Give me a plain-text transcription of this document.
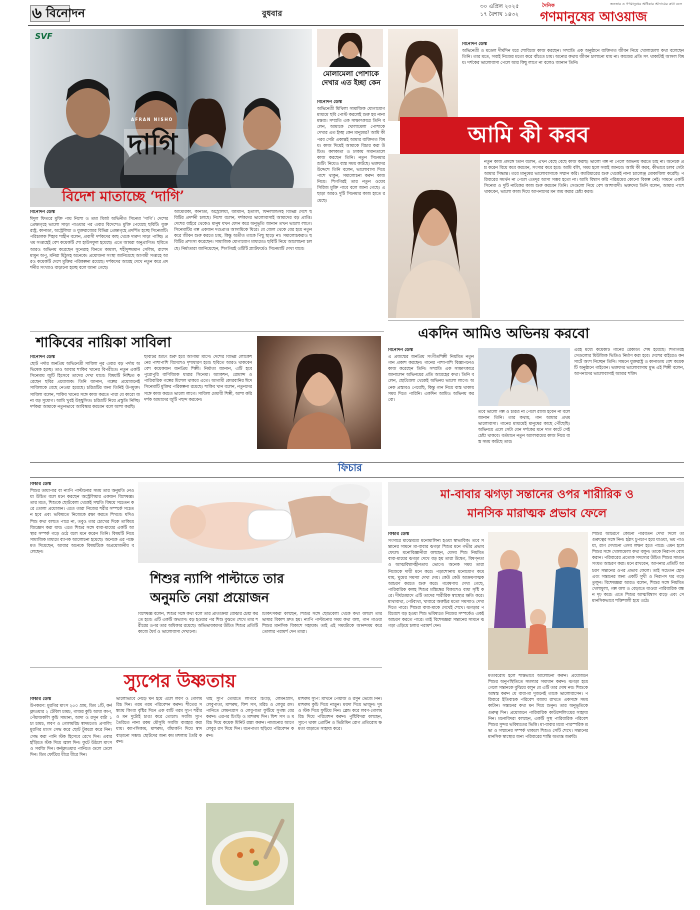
৬ বিনোদন	বুধবার
৩০ এপ্রিল ২০২৫
১৭ বৈশাখ ১৪৩২
দৈনিক
গণমানুষের আওয়াজ
জনতার ও গণমানুষের অধিকার আদায়ের কথা বলে
SVF
AFRAN NISHO
দাগি
বিদেশ মাতাচ্ছে ‘দাগি’
বিনোদন ডেস্ক
ঈদুল ফিতরে মুক্তি পায় নিশো ও তমা মির্জা অভিনীত সিনেমা ‘দাগি’। দেশের প্রেক্ষাগৃহে ভালো সাড়া পাওয়ার পর এবার বিদেশেও মুক্তি পেয়েছে ছবিটি। যুক্তরাষ্ট্র, কানাডা, অস্ট্রেলিয়া ও যুক্তরাজ্যের বিভিন্ন প্রেক্ষাগৃহে প্রদর্শিত হচ্ছে সিনেমাটি। পরিচালক শিহাব শাহীন বলেন, প্রবাসী দর্শকদের কাছ থেকে দারুণ সাড়া পাচ্ছি। প্রথম সপ্তাহেই বেশ কয়েকটি শো হাউসফুল হয়েছে। এতে আমরা অনুপ্রাণিত। ছবিতে আরও অভিনয় করেছেন সুনেরাহ বিনতে কামাল, শহীদুজ্জামান সেলিম, রাশেদ মামুন অপু, মনিরা মিঠুসহ অনেকে। প্রযোজনা সংস্থা জানিয়েছে আগামী সপ্তাহে আরও কয়েকটি দেশে মুক্তির পরিকল্পনা রয়েছে। দর্শকদের আগ্রহ দেখে নতুন করে প্রদর্শনীর সংখ্যাও বাড়ানো হচ্ছে বলে জানা গেছে।
আমেরিকা, কানাডা, অস্ট্রেলিয়া, জার্মানি, ইতালি, ফিনল্যান্ডসহ বিভিন্ন দেশে ছবিটির প্রদর্শনী চলছে। নিশো বলেন, দর্শকদের ভালোবাসাই আমাদের বড় প্রাপ্তি। দেশের বাইরে থেকেও মানুষ যখন ফোন করে অনুভূতি জানান তখন ভালো লাগে। সিনেমাটির গল্প একজন দণ্ডপ্রাপ্ত আসামিকে ঘিরে। যে জেল থেকে বের হয়ে নতুন করে জীবন শুরু করতে চায়, কিন্তু অতীত তাকে পিছু ছাড়ে না। সমালোচকরাও ছবিটির প্রশংসা করেছেন। সামাজিক যোগাযোগ মাধ্যমেও ছবিটি নিয়ে আলোচনা চলছে। নির্মাতারা জানিয়েছেন, শিগগিরই ওটিটি প্ল্যাটফর্মেও সিনেমাটি দেখা যাবে।
মোলামেলা পোশাকে দেখার এত ইচ্ছা কেন
বিনোদন ডেস্ক
অভিনেত্রী মিথিলা সামাজিক যোগাযোগ মাধ্যমে ছবি পোস্ট করলেই শুরু হয় নানা মন্তব্য। সম্প্রতি এক সাক্ষাৎকারে তিনি বলেন, আমাকে খোলামেলা পোশাকে দেখার এত ইচ্ছা কেন মানুষের? আমি কী পরব সেটা একান্তই আমার ব্যক্তিগত বিষয়। কাজ দিয়েই আমাকে বিচার করা উচিত। কলকাতা ও ঢাকায় সমানতালে কাজ করছেন তিনি। নতুন সিনেমার শুটিং নিয়েও ব্যস্ত সময় কাটছে। ভক্তদের উদ্দেশে তিনি বলেন, ভালোবাসা দিয়ে পাশে থাকুন, সমালোচনা করুন কাজ নিয়ে। শিগগিরই তার নতুন ওয়েব সিরিজ মুক্তি পাবে বলে জানা গেছে। এ ছাড়া আরও দুটি সিনেমার কাজ হাতে রয়েছে।
বিনোদন ডেস্ক
অভিনেত্রী ও মডেল দীর্ঘদিন ধরে শোবিজে কাজ করছেন। সম্প্রতি এক অনুষ্ঠানে ব্যক্তিগত জীবন নিয়ে খোলামেলা কথা বলেছেন তিনি। তার মতে, সবাই নিজের মতো করে বাঁচতে চায়। অন্যের কথায় জীবন চালানো যায় না। কাজের প্রতি সৎ থাকাটাই আসল বিষয়। দর্শকের ভালোবাসা পেলে আর কিছু লাগে না বলেও জানান তিনি।
আমি কী করব
নতুন কাজ প্রসঙ্গে তিনি বলেন, এখন বেছে বেছে কাজ করছি। ভালো গল্প না পেলে অভিনয় করতে চাই না। অনেকে প্রশ্ন করেন বিয়ে কবে করবেন, সংসার কবে হবে। আমি বলি, সময় হলে সবাই জানবে। আমি কী করব, কীভাবে চলব সেটা আমার সিদ্ধান্ত। তবে মানুষের ভালোবাসাকে সম্মান করি। ক্যারিয়ারের শুরু থেকেই নানা চ্যালেঞ্জ মোকাবিলা করেছি। পরিবারের সমর্থন না পেলে এতদূর আসা সম্ভব হতো না। আমি বিশ্বাস করি পরিশ্রমের কোনো বিকল্প নেই। সামনে একটি সিনেমা ও দুটি নাটকের কাজ শুরু করবেন তিনি। সেগুলো নিয়ে বেশ আশাবাদী। ভক্তদের তিনি বলেন, আমার পাশে থাকবেন, ভালো কাজ দিয়ে আপনাদের মন জয় করার চেষ্টা করব।
শাকিবের নায়িকা সাবিলা
বিনোদন ডেস্ক
ছোট পর্দার জনপ্রিয় অভিনেত্রী সাবিলা নূর এবার বড় পর্দায় অভিষেক হচ্ছে। তাও আবার শাকিব খানের বিপরীতে। নতুন একটি সিনেমায় জুটি হিসেবে তাদের দেখা যাবে। বিষয়টি নিশ্চিত করেছেন ছবির প্রযোজক। তিনি জানান, গল্পের প্রয়োজনেই সাবিলাকে বেছে নেওয়া হয়েছে। চরিত্রটির জন্য তিনিই উপযুক্ত। সাবিলা বলেন, শাকিব খানের সঙ্গে কাজ করতে পারা যে কারো জন্য বড় সুযোগ। আমি খুবই উচ্ছ্বসিত। চরিত্রটি নিয়ে প্রস্তুতি নিচ্ছি। দর্শকরা আমাকে নতুনভাবে আবিষ্কার করবেন বলে আশা করছি।
ছবিটির শুটিং শুরু হবে আগামী মাসে। দেশের বিভিন্ন লোকেশনের পাশাপাশি বিদেশেও দৃশ্যধারণ হবে। ছবিতে আরও থাকবেন বেশ কয়েকজন জনপ্রিয় শিল্পী। নির্মাতা জানান, এটি হবে পুরোপুরি বাণিজ্যিক ধারার সিনেমা। অ্যাকশন, রোমান্স ও পারিবারিক গল্পের মিশেল থাকবে এতে। আগামী কোরবানির ঈদে সিনেমাটি মুক্তির পরিকল্পনা রয়েছে। শাকিব খান বলেন, নতুনদের সঙ্গে কাজ করতে ভালো লাগে। সাবিলা মেধাবী শিল্পী, আশা করি দর্শক আমাদের জুটি পছন্দ করবেন।
একদিন আমিও অভিনয় করবো
বিনোদন ডেস্ক
এ প্রজন্মের জনপ্রিয় সংগীতশিল্পী নিয়মিত নতুন গান প্রকাশ করছেন। গানের পাশাপাশি বিজ্ঞাপনেও কাজ করেছেন তিনি। সম্প্রতি এক সাক্ষাৎকারে জানালেন অভিনয়ের প্রতি আগ্রহের কথা। তিনি বলেন, ছোটবেলা থেকেই অভিনয় ভালো লাগে। অনেক প্রস্তাবও পেয়েছি, কিন্তু গান নিয়ে ব্যস্ত থাকায় সময় দিতে পারিনি। একদিন আমিও অভিনয় করবো।
তবে ভালো গল্প ও চরিত্র না পেলে রাজি হবেন না বলে জানান তিনি। তার কথায়, গান আমার প্রথম ভালোবাসা। গানের মাধ্যমেই মানুষের কাছে পৌঁছেছি। অভিনয়ে এলে সেটা যেন দর্শকের মনে দাগ কাটে সেই চেষ্টা থাকবে। বর্তমানে নতুন অ্যালবামের কাজ নিয়ে ব্যস্ত সময় কাটছে তার।
এরই মধ্যে কয়েকটি গানের রেকর্ডিং শেষ হয়েছে। শিগগিরই সেগুলোর মিউজিক ভিডিও নির্মাণ করা হবে। দেশের বাইরেও কনসার্টে অংশ নিচ্ছেন তিনি। সামনে যুক্তরাষ্ট্র ও কানাডায় বেশ কয়েকটি অনুষ্ঠানে গাইবেন। ভক্তদের ভালোবাসায় মুগ্ধ এই শিল্পী বলেন, আপনাদের ভালোবাসাই আমার শক্তি।
ফিচার
ফিচার ডেস্ক
শিশুর ডায়াপার বা ন্যাপি পাল্টানোর সময় তার অনুমতি নেওয়া উচিত বলে মনে করছেন অস্ট্রেলিয়ার একজন বিশেষজ্ঞ। তার মতে, শিশুকে ছোটবেলা থেকেই সম্মতি বিষয়ে সচেতন করে তোলা প্রয়োজন। এতে তারা নিজের শরীর সম্পর্কে সচেতন হবে এবং ভবিষ্যতে নিজেকে রক্ষা করতে শিখবে। যদিও শিশু কথা বলতে পারে না, তবুও তার চোখের দিকে তাকিয়ে জিজ্ঞেস করা যায়। এতে শিশুর সঙ্গে বাবা-মায়ের একটি আস্থার সম্পর্ক গড়ে ওঠে বলে মনে করেন তিনি। বিষয়টি নিয়ে সামাজিক মাধ্যমে ব্যাপক আলোচনা হয়েছে। অনেকে এর পক্ষে মত দিয়েছেন, আবার অনেকে বিষয়টিকে অপ্রয়োজনীয় বলেছেন।
শিশুর ন্যাপি পাল্টাতে তার
অনুমতি নেয়া প্রয়োজন
বিশেষজ্ঞ বলেন, শিশুর সঙ্গে কথা বলে তার প্রতিক্রিয়া বোঝার চেষ্টা করতে হবে। এটি একটি অভ্যাস। বড় হওয়ার পর শিশু বুঝতে শেখে তার শরীরের ওপর তার অধিকার রয়েছে। অভিভাবকদের উচিত শিশুর প্রতিটি কাজে ধৈর্য ও ভালোবাসা দেখানো।
চিকিৎসকরা বলছেন, শিশুর সঙ্গে ছোটবেলা থেকে কথা বললে তার ভাষার বিকাশ দ্রুত হয়। ন্যাপি পাল্টানোর সময় কথা বলা, গান গাওয়া শিশুর মানসিক বিকাশে সহায়ক। তাই এই সময়টাকে আনন্দময় করে তোলার পরামর্শ দেন তারা।
স্যুপের উষ্ণতায়
ফিচার ডেস্ক
উপকরণ: মুরগির মাংস ২৫০ গ্রাম, ডিম ১টি, কর্নফ্লাওয়ার ২ টেবিল চামচ, গাজর কুচি আধা কাপ, পেঁয়াজকলি কুচি সামান্য, আদা ও রসুন বাটা ১ চা চামচ, লবণ ও গোলমরিচ স্বাদমতো। প্রণালি: মুরগির মাংস সেদ্ধ করে ছোট টুকরো করে নিন। সেদ্ধ করা পানি স্টক হিসেবে রেখে দিন। এবার হাঁড়িতে স্টক দিয়ে জ্বাল দিন। ফুটে উঠলে মাংস ও সবজি দিন। কর্নফ্লাওয়ার পানিতে গুলে ঢেলে দিন। ডিম ফেটিয়ে ধীরে ধীরে দিন।
ভালোভাবে নেড়ে ঘন হয়ে এলে লবণ ও গোলমরিচ দিন। গরম গরম পরিবেশন করুন। শীতের সন্ধ্যায় কিংবা বৃষ্টির দিনে এক বাটি গরম স্যুপ শরীর ও মন দুটোই চাঙা করে তোলে। সবজি স্যুপ তৈরিতে নানা রকম মৌসুমি সবজি ব্যবহার করা যায়। ক্যাপসিকাম, মাশরুম, বাঁধাকপি দিয়ে স্বাদ বাড়ানো সম্ভব। ছোটদের জন্য কম মশলায় তৈরি করুন।
থাই স্যুপ তৈরিতে লাগবে চিংড়ি, লেমনগ্রাস, লেবুপাতা, মাশরুম, ফিশ সস, মরিচ ও লেবুর রস। পানিতে লেমনগ্রাস ও লেবুপাতা ফুটিয়ে সুগন্ধ বের করুন। এরপর চিংড়ি ও মাশরুম দিন। ফিশ সস ও মরিচ দিয়ে কয়েক মিনিট রান্না করুন। নামানোর আগে লেবুর রস দিয়ে দিন। ধনেপাতা ছড়িয়ে পরিবেশন করুন।
মাশরুম স্যুপ: মাখনে পেঁয়াজ ও রসুন ভেজে নিন। মাশরুম কুচি দিয়ে নাড়ুন। ময়দা দিয়ে ভাজুন। দুধ ও স্টক দিয়ে ফুটিয়ে নিন। ব্লেন্ড করে লবণ-গোলমরিচ দিয়ে পরিবেশন করুন। পুষ্টিবিদরা বলছেন, স্যুপে থাকা প্রোটিন ও ভিটামিন রোগ প্রতিরোধ ক্ষমতা বাড়াতে সাহায্য করে।
মা-বাবার ঝগড়া সন্তানের ওপর শারীরিক ও
মানসিক মারাত্মক প্রভাব ফেলে
ফিচার ডেস্ক
সংসারে মাঝেমধ্যে মনোমালিন্য হওয়া স্বাভাবিক। তবে সন্তানের সামনে মা-বাবার ঝগড়া শিশুর মনে গভীর প্রভাব ফেলে। মনোবিজ্ঞানীরা বলছেন, যেসব শিশু নিয়মিত বাবা-মায়ের ঝগড়া দেখে বড় হয় তারা উদ্বেগ, বিষণ্নতা ও আত্মবিশ্বাসহীনতায় ভোগে। অনেক সময় তারা নিজেকে দায়ী মনে করে। পড়াশোনায় মনোযোগ কমে যায়, ঘুমের সমস্যা দেখা দেয়। কেউ কেউ আক্রমণাত্মক আচরণ করতে শুরু করে। গবেষণায় দেখা গেছে, পারিবারিক কলহ শিশুর মস্তিষ্কের বিকাশেও বাধা সৃষ্টি করে। দীর্ঘমেয়াদে এটি তাদের শারীরিক স্বাস্থ্যের ক্ষতি করে। মাথাব্যথা, পেটব্যথা, খাবারে অরুচির মতো সমস্যাও দেখা দিতে পারে। শিশুরা বাবা-মাকে দেখেই শেখে। ঝগড়ার পরিবেশে বড় হওয়া শিশু ভবিষ্যতে নিজের সম্পর্কেও একই আচরণ করতে পারে। তাই বিশেষজ্ঞরা সন্তানের সামনে ঝগড়া এড়িয়ে চলার পরামর্শ দেন।
মতবিরোধ হলে শান্তভাবে আলোচনা করুন। প্রয়োজনে শিশুর অনুপস্থিতিতে সমস্যার সমাধান করুন। ঝগড়া হয়ে গেলে সন্তানকে বুঝিয়ে বলুন যে এটি তার দোষ নয়। শিশুকে আশ্বস্ত করুন যে বাবা-মা দুজনেই তাকে ভালোবাসেন। পরিবারে ইতিবাচক পরিবেশ বজায় রাখতে একসঙ্গে সময় কাটান। সন্তানের কথা মন দিয়ে শুনুন। তার অনুভূতিকে গুরুত্ব দিন। প্রয়োজনে পারিবারিক কাউন্সেলিংয়ের সাহায্য নিন। মনোবিদরা বলছেন, একটি সুস্থ পারিবারিক পরিবেশ শিশুর সুন্দর ভবিষ্যতের ভিত্তি। মা-বাবার মধ্যে পারস্পরিক শ্রদ্ধা ও সম্মানের সম্পর্ক থাকলে শিশুও সেটি শেখে। সন্তানের মানসিক স্বাস্থ্যের জন্য পরিবারের শান্তি অত্যন্ত জরুরি।
শিশুর আচরণে কোনো পরিবর্তন দেখা দিলে তা গুরুত্বের সঙ্গে নিন। হঠাৎ চুপচাপ হয়ে যাওয়া, ভয় পাওয়া, রাগ দেখানো এসব লক্ষণ হতে পারে। এমন হলে শিশুর সঙ্গে খোলামেলা কথা বলুন। তাকে নিরাপদ বোধ করান। পরিবারের প্রত্যেক সদস্যের উচিত শিশুর সামনে সংযত আচরণ করা। মনে রাখবেন, আপনার প্রতিটি আচরণ সন্তানের ওপর প্রভাব ফেলে। তাই সচেতন হোন এবং সন্তানের জন্য একটি সুখী ও নিরাপদ ঘর গড়ে তুলুন। বিশেষজ্ঞরা আরও বলেন, শিশুর সঙ্গে নিয়মিত খেলাধুলা, গল্প বলা ও বেড়াতে যাওয়া পারিবারিক বন্ধন দৃঢ় করে। এতে শিশুর আত্মবিশ্বাস বাড়ে এবং সে মানসিকভাবে শক্তিশালী হয়ে ওঠে।
